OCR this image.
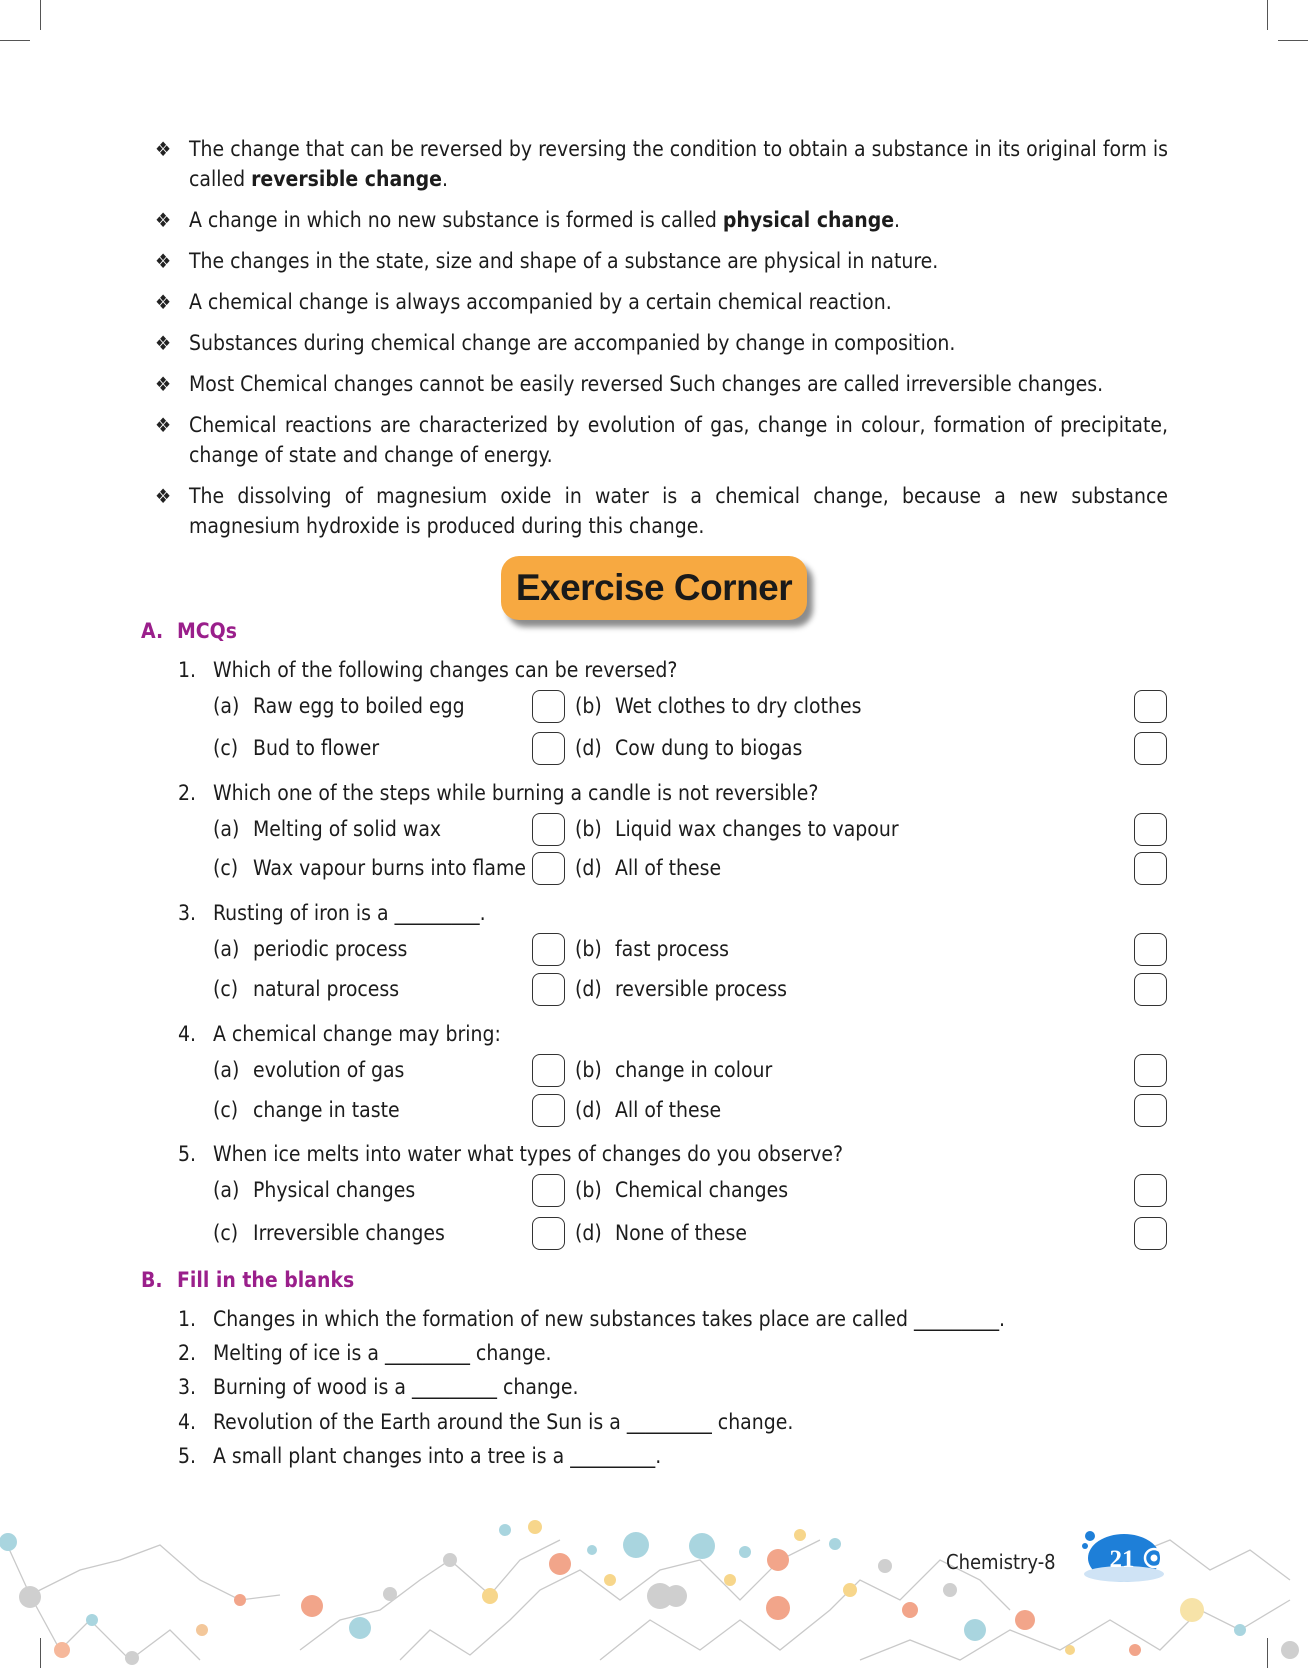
❖ The change that can be reversed by reversing the condition to obtain a substance in its original form is called reversible change.
❖ A change in which no new substance is formed is called physical change.
❖ The changes in the state, size and shape of a substance are physical in nature.
❖ A chemical change is always accompanied by a certain chemical reaction.
❖ Substances during chemical change are accompanied by change in composition.
❖ Most Chemical changes cannot be easily reversed Such changes are called irreversible changes.
❖ Chemical reactions are characterized by evolution of gas, change in colour, formation of precipitate, change of state and change of energy.
❖ The dissolving of magnesium oxide in water is a chemical change, because a new substance magnesium hydroxide is produced during this change.
Exercise Corner
A. MCQs
1. Which of the following changes can be reversed?
(a) Raw egg to boiled egg	(b) Wet clothes to dry clothes
(c) Bud to flower	(d) Cow dung to biogas
2. Which one of the steps while burning a candle is not reversible?
(a) Melting of solid wax	(b) Liquid wax changes to vapour
(c) Wax vapour burns into flame (d) All of these
3. Rusting of iron is a _________.
(a) periodic process	(b) fast process
(c) natural process	(d) reversible process
4. A chemical change may bring:
(a) evolution of gas	(b) change in colour
(c) change in taste	(d) All of these
5. When ice melts into water what types of changes do you observe?
(a) Physical changes	(b) Chemical changes
(c) Irreversible changes	(d) None of these
B. Fill in the blanks
1. Changes in which the formation of new substances takes place are called _________.
2. Melting of ice is a _________ change.
3. Burning of wood is a _________ change.
4. Revolution of the Earth around the Sun is a _________ change.
5. A small plant changes into a tree is a _________.
Chemistry-8 21
